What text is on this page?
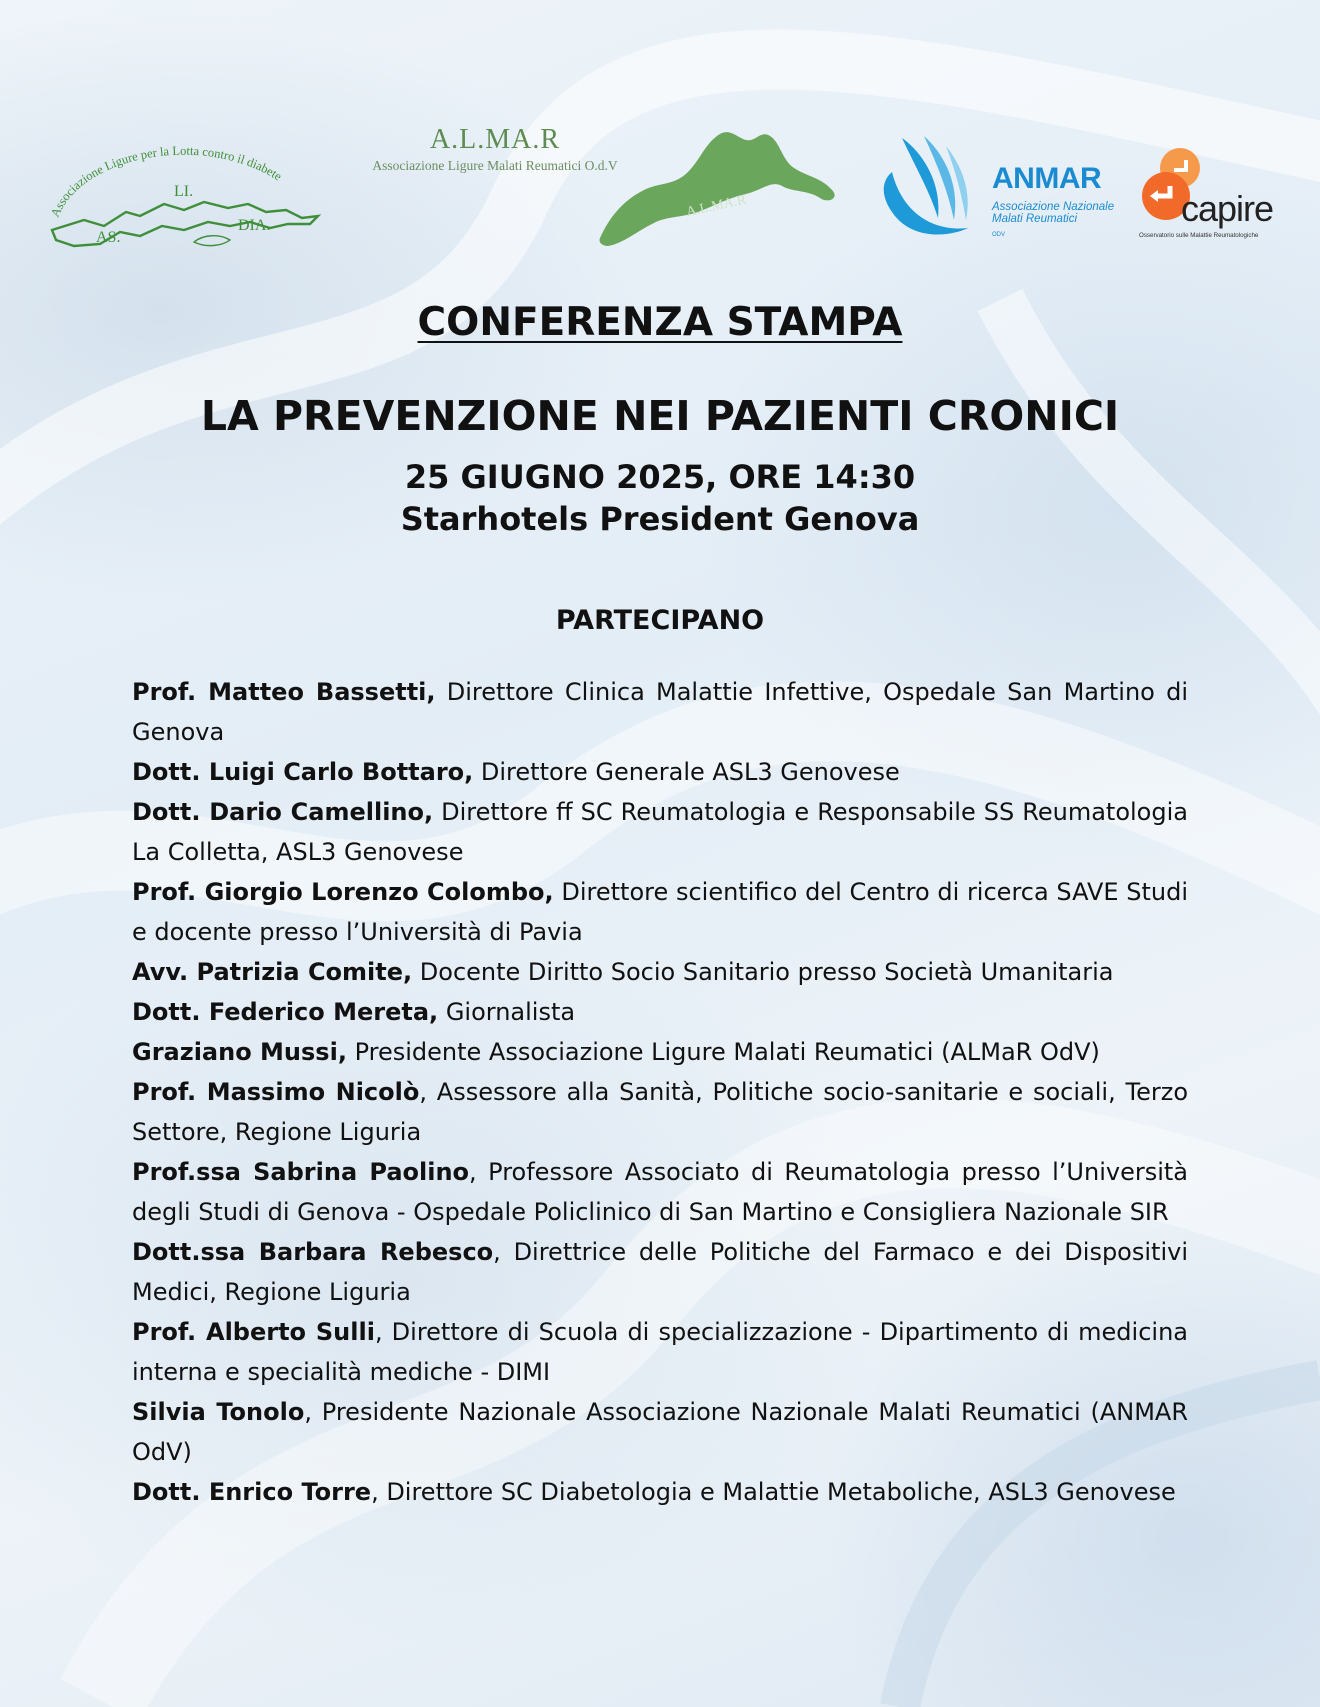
Associazione Ligure per la Lotta contro il diabete
AS.
LI.
DIA.
A.L.MA.R
Associazione Ligure Malati Reumatici O.d.V
A.L.MA.R
ANMAR
Associazione Nazionale
Malati Reumatici
ODV
capire
Osservatorio sulle Malattie Reumatologiche
CONFERENZA STAMPA
LA PREVENZIONE NEI PAZIENTI CRONICI
25 GIUGNO 2025, ORE 14:30
Starhotels President Genova
PARTECIPANO

Prof. Matteo Bassetti, Direttore Clinica Malattie Infettive, Ospedale San Martino di Genova

Dott. Luigi Carlo Bottaro, Direttore Generale ASL3 Genovese

Dott. Dario Camellino, Direttore ff SC Reumatologia e Responsabile SS Reumatologia La Colletta, ASL3 Genovese

Prof. Giorgio Lorenzo Colombo, Direttore scientifico del Centro di ricerca SAVE Studi e docente presso l’Università di Pavia

Avv. Patrizia Comite, Docente Diritto Socio Sanitario presso Società Umanitaria

Dott. Federico Mereta, Giornalista

Graziano Mussi, Presidente Associazione Ligure Malati Reumatici (ALMaR OdV)

Prof. Massimo Nicolò, Assessore alla Sanità, Politiche socio-sanitarie e sociali, Terzo Settore, Regione Liguria

Prof.ssa Sabrina Paolino, Professore Associato di Reumatologia presso l’Università degli Studi di Genova - Ospedale Policlinico di San Martino e Consigliera Nazionale SIR

Dott.ssa Barbara Rebesco, Direttrice delle Politiche del Farmaco e dei Dispositivi Medici, Regione Liguria

Prof. Alberto Sulli, Direttore di Scuola di specializzazione - Dipartimento di medicina interna e specialità mediche - DIMI

Silvia Tonolo, Presidente Nazionale Associazione Nazionale Malati Reumatici (ANMAR OdV)

Dott. Enrico Torre, Direttore SC Diabetologia e Malattie Metaboliche, ASL3 Genovese
